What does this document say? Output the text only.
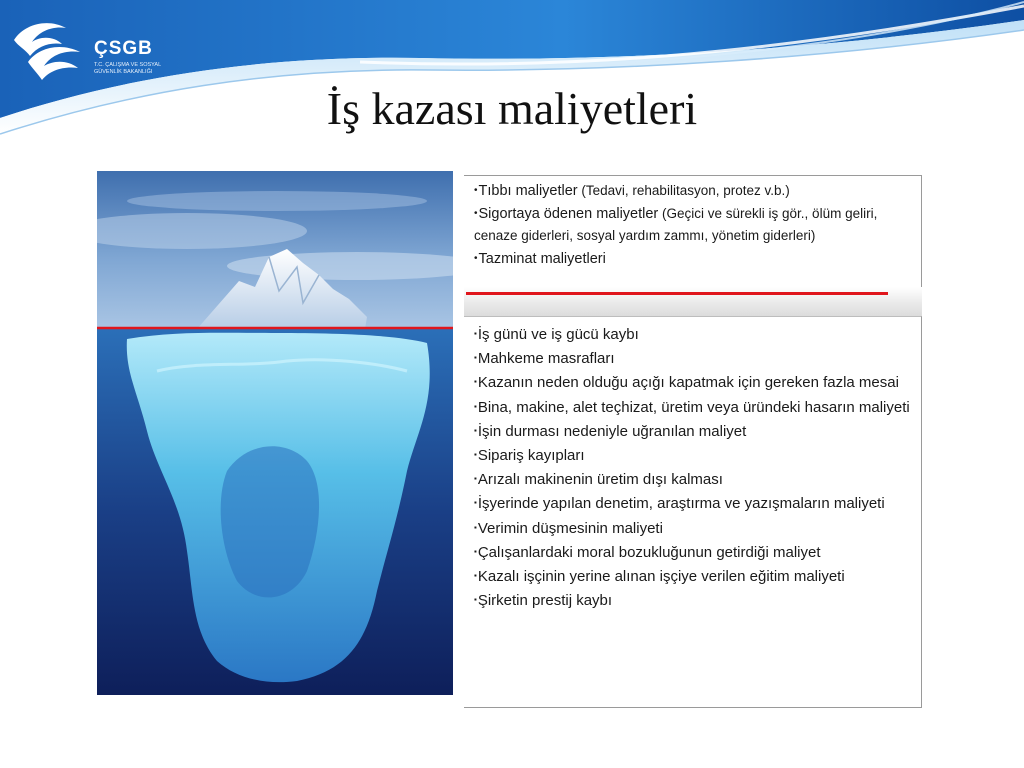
ÇSGB
T.C. ÇALIŞMA VE SOSYAL GÜVENLİK BAKANLIĞI
İş kazası maliyetleri
•Tıbbı maliyetler (Tedavi, rehabilitasyon, protez v.b.)
•Sigortaya ödenen maliyetler (Geçici ve sürekli iş gör., ölüm geliri, cenaze giderleri, sosyal yardım zammı, yönetim giderleri)
•Tazminat maliyetleri
▪İş günü ve iş gücü kaybı
▪Mahkeme masrafları
▪Kazanın neden olduğu açığı kapatmak için gereken fazla mesai
▪Bina, makine, alet teçhizat, üretim veya üründeki hasarın maliyeti
▪İşin durması nedeniyle uğranılan maliyet
▪Sipariş kayıpları
▪Arızalı makinenin üretim dışı kalması
▪İşyerinde yapılan denetim, araştırma ve yazışmaların maliyeti
▪Verimin düşmesinin maliyeti
▪Çalışanlardaki moral bozukluğunun getirdiği maliyet
▪Kazalı işçinin yerine alınan işçiye verilen eğitim maliyeti
▪Şirketin prestij kaybı
